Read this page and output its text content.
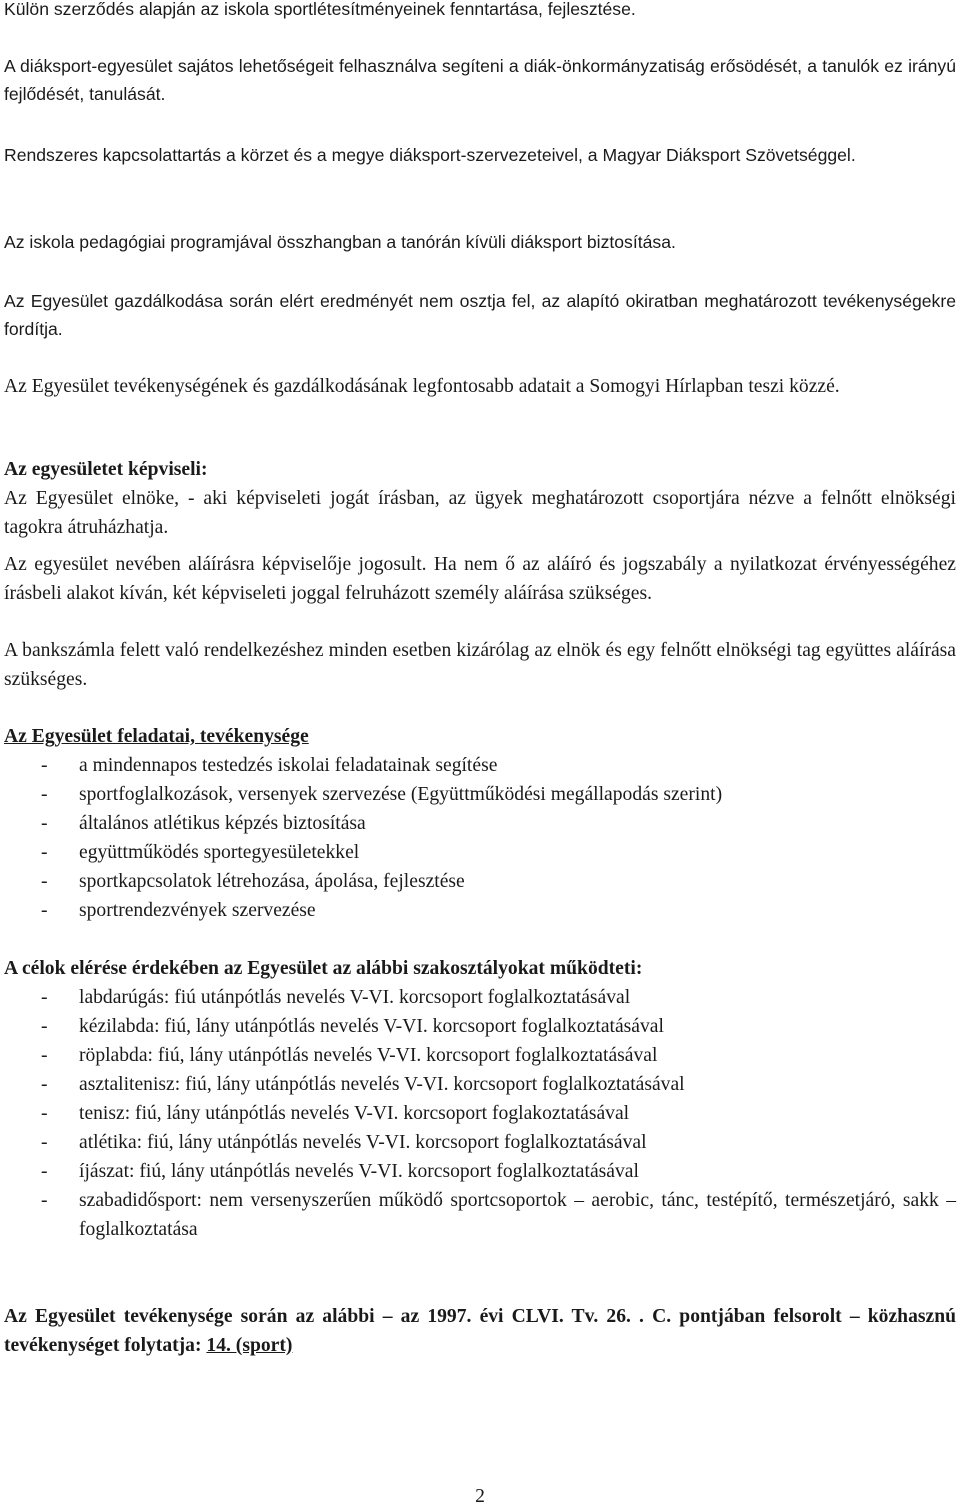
Külön szerződés alapján az iskola sportlétesítményeinek fenntartása, fejlesztése.

A diáksport-egyesület sajátos lehetőségeit felhasználva segíteni a diák-önkormányzatiság erősödését, a tanulók ez irányú fejlődését, tanulását.

Rendszeres kapcsolattartás a körzet és a megye diáksport-szervezeteivel, a Magyar Diáksport Szövetséggel.

Az iskola pedagógiai programjával összhangban a tanórán kívüli diáksport biztosítása.

Az Egyesület gazdálkodása során elért eredményét nem osztja fel, az alapító okiratban meghatározott tevékenységekre fordítja.

Az Egyesület tevékenységének és gazdálkodásának legfontosabb adatait a Somogyi Hírlapban teszi közzé.

Az egyesületet képviseli:

Az Egyesület elnöke, - aki képviseleti jogát írásban, az ügyek meghatározott csoportjára nézve a felnőtt elnökségi tagokra átruházhatja.

Az egyesület nevében aláírásra képviselője jogosult. Ha nem ő az aláíró és jogszabály a nyilatkozat érvényességéhez írásbeli alakot kíván, két képviseleti joggal felruházott személy aláírása szükséges.

A bankszámla felett való rendelkezéshez minden esetben kizárólag az elnök és egy felnőtt elnökségi tag együttes aláírása szükséges.

Az Egyesület feladatai, tevékenysége

- a mindennapos testedzés iskolai feladatainak segítése
- sportfoglalkozások, versenyek szervezése (Együttműködési megállapodás szerint)
- általános atlétikus képzés biztosítása
- együttműködés sportegyesületekkel
- sportkapcsolatok létrehozása, ápolása, fejlesztése
- sportrendezvények szervezése

A célok elérése érdekében az Egyesület az alábbi szakosztályokat működteti:

- labdarúgás: fiú utánpótlás nevelés V-VI. korcsoport foglalkoztatásával
- kézilabda: fiú, lány utánpótlás nevelés V-VI. korcsoport foglalkoztatásával
- röplabda: fiú, lány utánpótlás nevelés V-VI. korcsoport foglalkoztatásával
- asztalitenisz: fiú, lány utánpótlás nevelés V-VI. korcsoport foglalkoztatásával
- tenisz: fiú, lány utánpótlás nevelés V-VI. korcsoport foglakoztatásával
- atlétika: fiú, lány utánpótlás nevelés V-VI. korcsoport foglalkoztatásával
- íjászat: fiú, lány utánpótlás nevelés V-VI. korcsoport foglalkoztatásával
- szabadidősport: nem versenyszerűen működő sportcsoportok – aerobic, tánc, testépítő, természetjáró, sakk – foglalkoztatása

Az Egyesület tevékenysége során az alábbi – az 1997. évi CLVI. Tv. 26. . C. pontjában felsorolt – közhasznú tevékenységet folytatja: 14. (sport)

2
